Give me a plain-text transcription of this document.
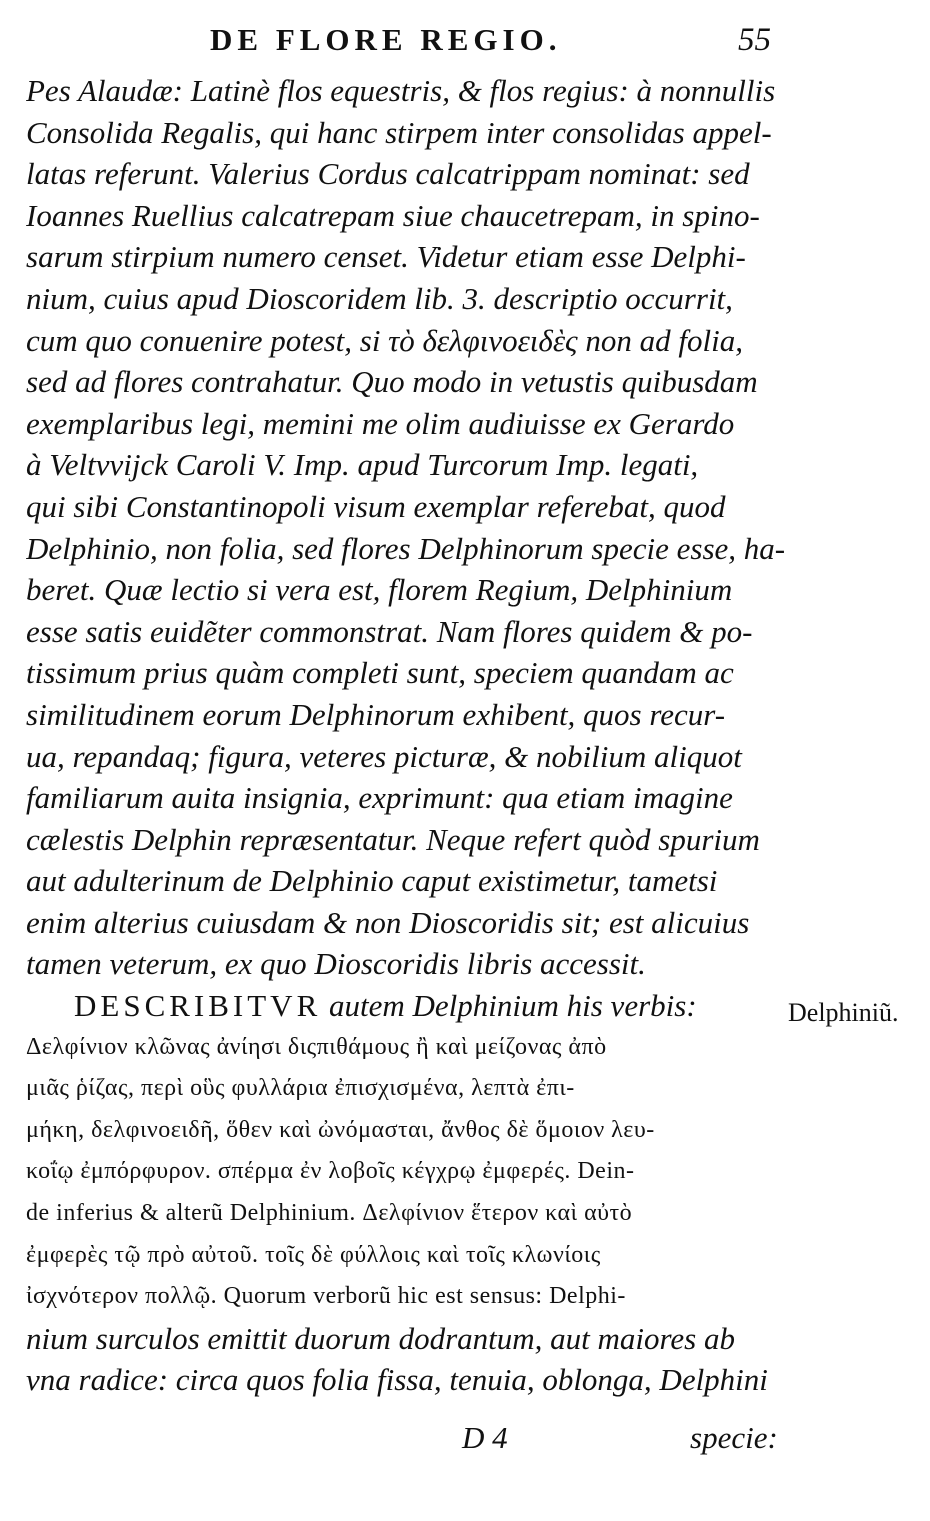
DE FLORE REGIO.	55
Pes Alaudæ: Latinè flos equestris, & flos regius: à nonnullis
Consolida Regalis, qui hanc stirpem inter consolidas appel-
latas referunt. Valerius Cordus calcatrippam nominat: sed
Ioannes Ruellius calcatrepam siue chaucetrepam, in spino-
sarum stirpium numero censet. Videtur etiam esse Delphi-
nium, cuius apud Dioscoridem lib. 3. descriptio occurrit,
cum quo conuenire potest, si τὸ δελφινοειδὲς non ad folia,
sed ad flores contrahatur. Quo modo in vetustis quibusdam
exemplaribus legi, memini me olim audiuisse ex Gerardo
à Veltvvijck Caroli V. Imp. apud Turcorum Imp. legati,
qui sibi Constantinopoli visum exemplar referebat, quod
Delphinio, non folia, sed flores Delphinorum specie esse, ha-
beret. Quæ lectio si vera est, florem Regium, Delphinium
esse satis euidẽter commonstrat. Nam flores quidem & po-
tissimum prius quàm completi sunt, speciem quandam ac
similitudinem eorum Delphinorum exhibent, quos recur-
ua, repandaq; figura, veteres picturæ, & nobilium aliquot
familiarum auita insignia, exprimunt: qua etiam imagine
cælestis Delphin repræsentatur. Neque refert quòd spurium
aut adulterinum de Delphinio caput existimetur, tametsi
enim alterius cuiusdam & non Dioscoridis sit; est alicuius
tamen veterum, ex quo Dioscoridis libris accessit.
DESCRIBITVR autem Delphinium his verbis:
Δελφίνιον κλῶνας ἀνίησι διςπιθάμους ἢ καὶ μείζονας ἀπὸ
μιᾶς ῥίζας, περὶ οὓς φυλλάρια ἐπισχισμένα, λεπτὰ ἐπι-
μήκη, δελφινοειδῆ, ὅθεν καὶ ὠνόμασται, ἄνθος δὲ ὅμοιον λευ-
κοΐῳ ἐμπόρφυρον. σπέρμα ἐν λοβοῖς κέγχρῳ ἐμφερές. Dein-
de inferius & alterũ Delphinium. Δελφίνιον ἕτερον καὶ αὐτὸ
ἐμφερὲς τῷ πρὸ αὐτοῦ. τοῖς δὲ φύλλοις καὶ τοῖς κλωνίοις
ἰσχνότερον πολλῷ. Quorum verborũ hic est sensus: Delphi-
nium surculos emittit duorum dodrantum, aut maiores ab
vna radice: circa quos folia fissa, tenuia, oblonga, Delphini
Delphiniũ.
D 4	specie:
